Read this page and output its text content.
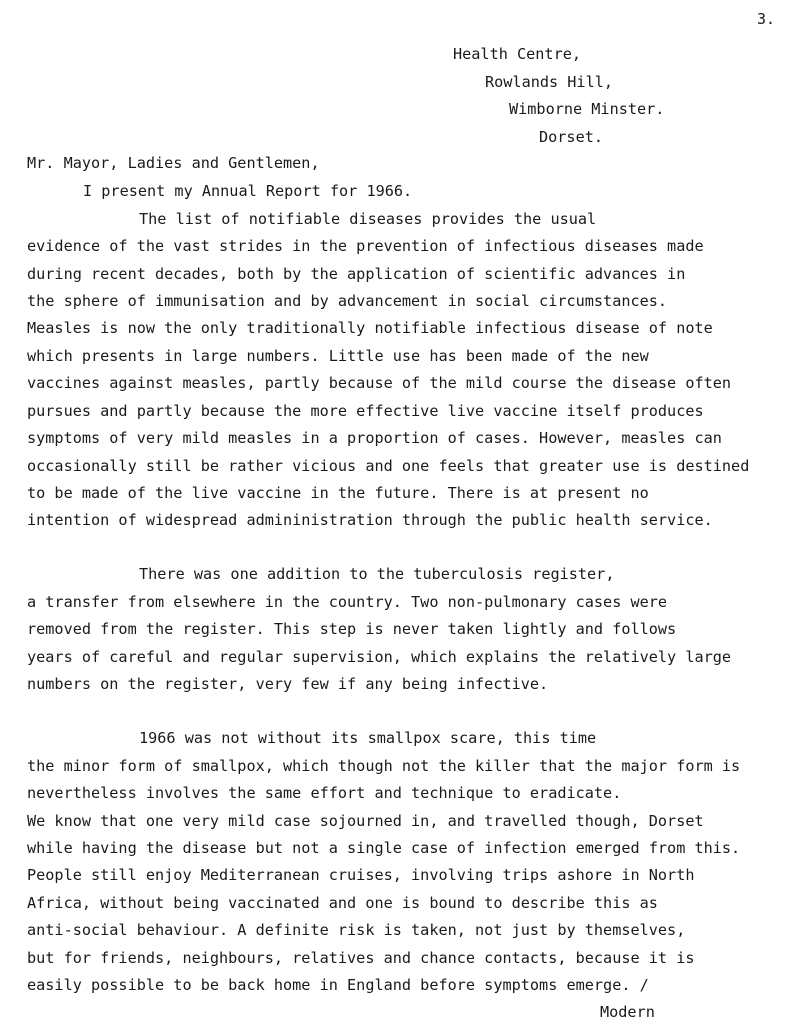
3.
Health Centre,
Rowlands Hill,
Wimborne Minster.
Dorset.
Mr. Mayor, Ladies and Gentlemen,
I present my Annual Report for 1966.
The list of notifiable diseases provides the usual
evidence of the vast strides in the prevention of infectious diseases made
during recent decades, both by the application of scientific advances in
the sphere of immunisation and by advancement in social circumstances.
Measles is now the only traditionally notifiable infectious disease of note
which presents in large numbers. Little use has been made of the new
vaccines against measles, partly because of the mild course the disease often
pursues and partly because the more effective live vaccine itself produces
symptoms of very mild measles in a proportion of cases. However, measles can
occasionally still be rather vicious and one feels that greater use is destined
to be made of the live vaccine in the future. There is at present no
intention of widespread admininistration through the public health service.
There was one addition to the tuberculosis register,
a transfer from elsewhere in the country. Two non-pulmonary cases were
removed from the register. This step is never taken lightly and follows
years of careful and regular supervision, which explains the relatively large
numbers on the register, very few if any being infective.
1966 was not without its smallpox scare, this time
the minor form of smallpox, which though not the killer that the major form is
nevertheless involves the same effort and technique to eradicate.
We know that one very mild case sojourned in, and travelled though, Dorset
while having the disease but not a single case of infection emerged from this.
People still enjoy Mediterranean cruises, involving trips ashore in North
Africa, without being vaccinated and one is bound to describe this as
anti-social behaviour. A definite risk is taken, not just by themselves,
but for friends, neighbours, relatives and chance contacts, because it is
easily possible to be back home in England before symptoms emerge. /
Modern
